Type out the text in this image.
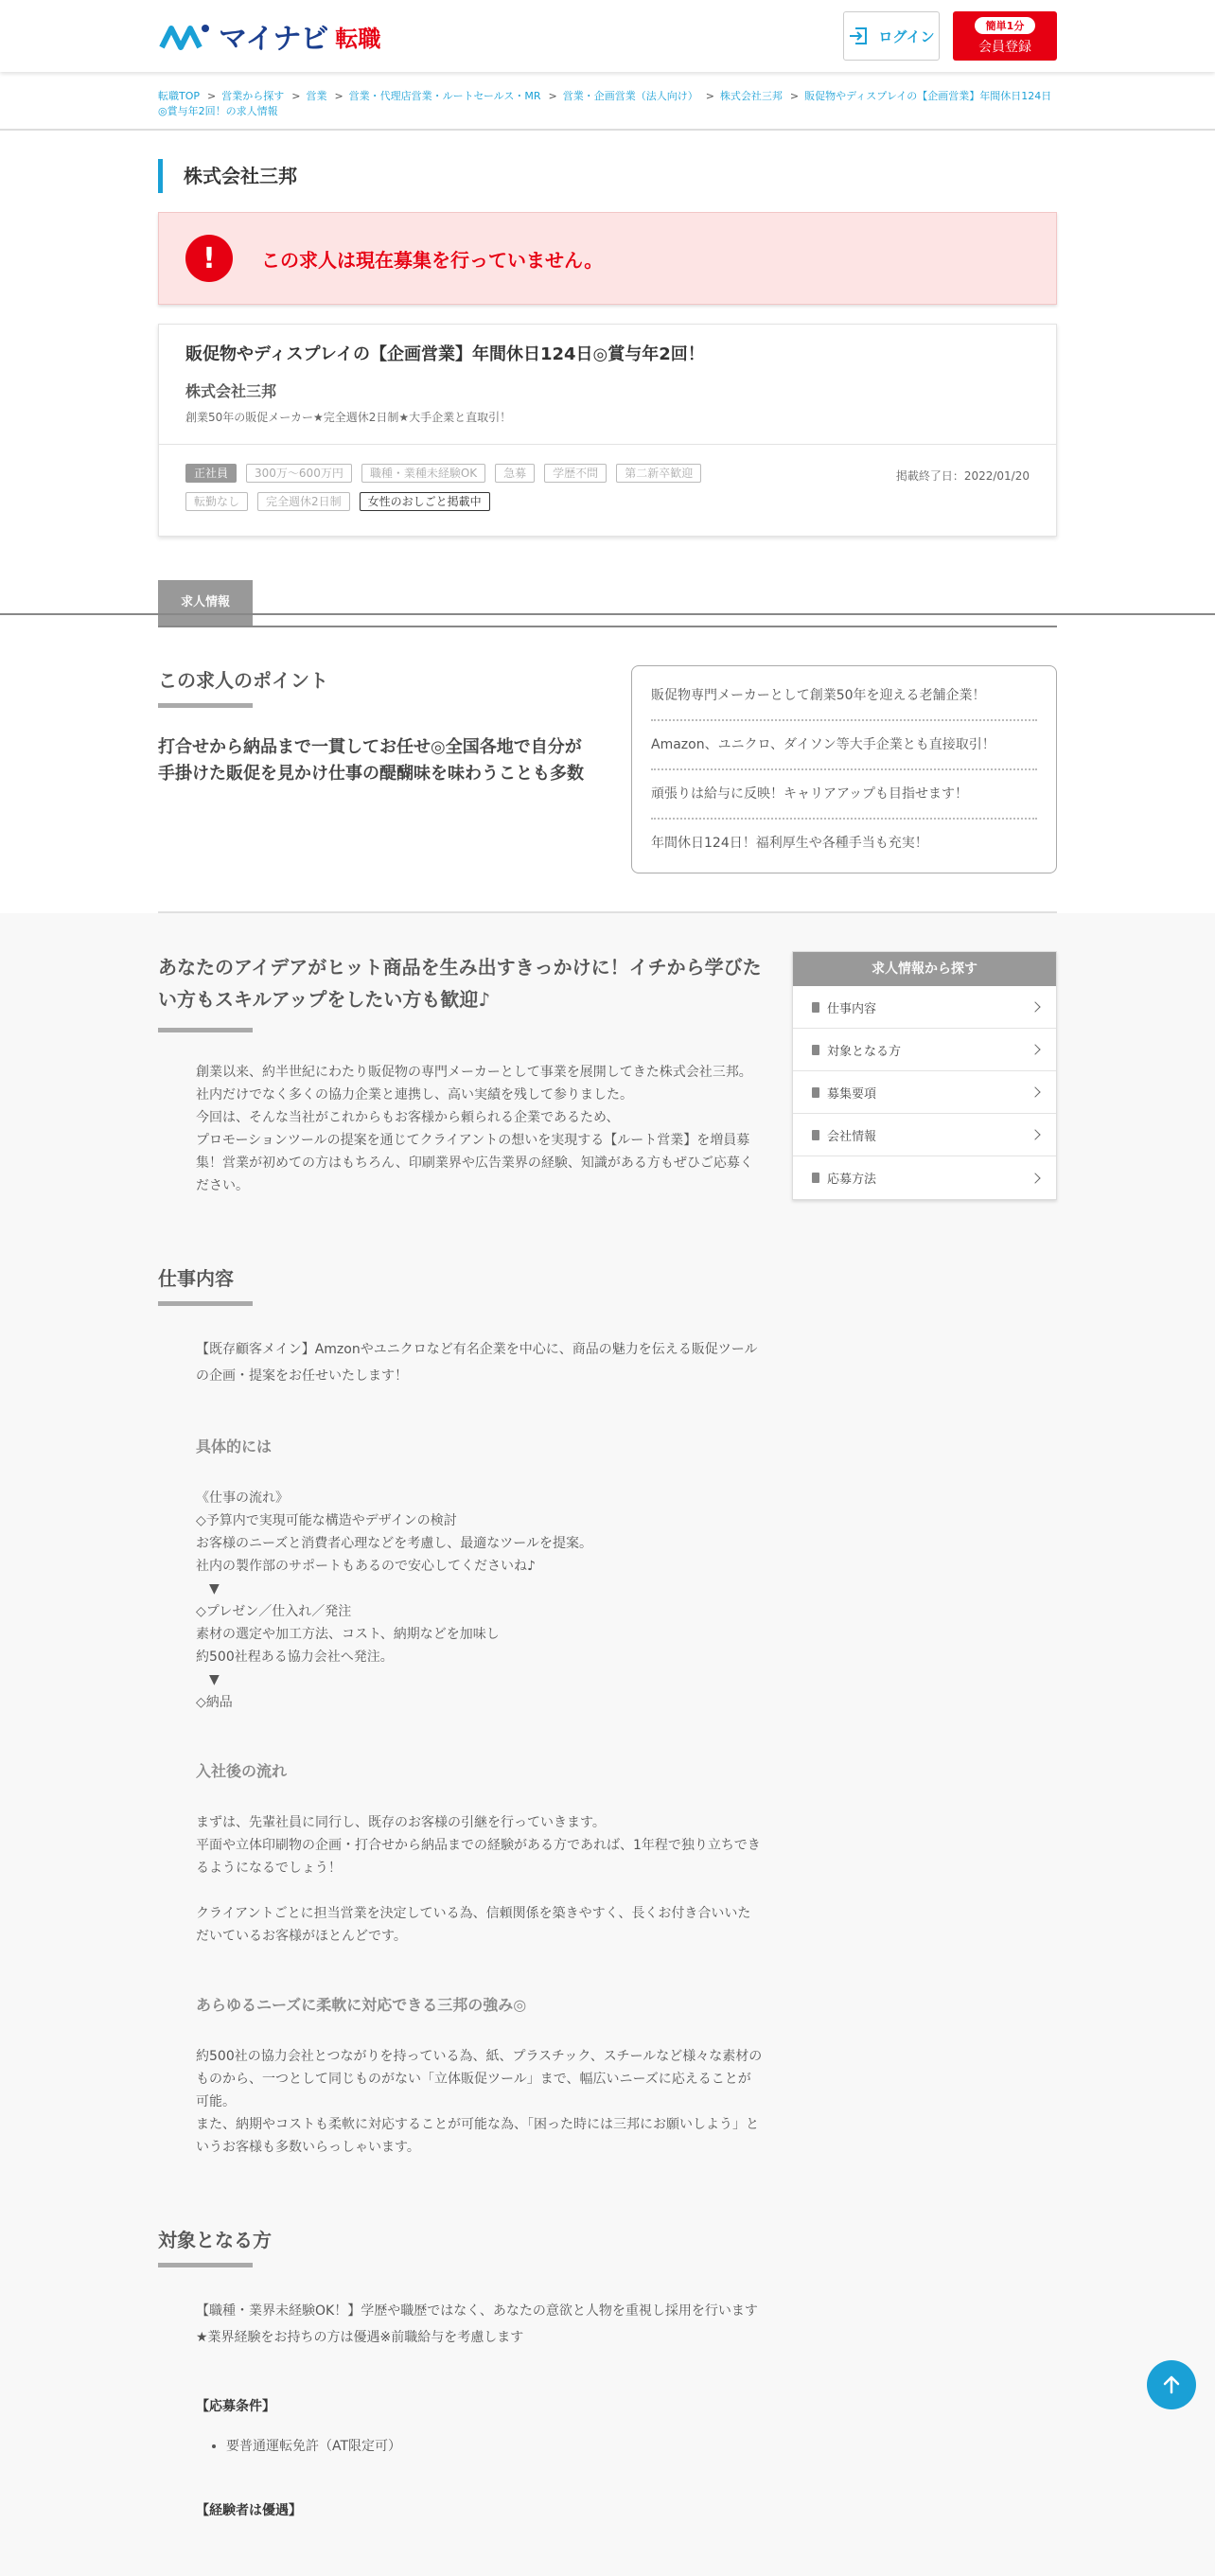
マイナビ 転職	ログイン
簡単1分
会員登録
転職TOP > 営業から探す > 営業 > 営業・代理店営業・ルートセールス・MR > 営業・企画営業（法人向け） > 株式会社三邦 > 販促物やディスプレイの【企画営業】年間休日124日◎賞与年2回！の求人情報
株式会社三邦
!	この求人は現在募集を行っていません。
販促物やディスプレイの【企画営業】年間休日124日◎賞与年2回！
株式会社三邦
創業50年の販促メーカー★完全週休2日制★大手企業と直取引！
正社員	300万～600万円	職種・業種未経験OK	急募	学歴不問	第二新卒歓迎
転勤なし	完全週休2日制	女性のおしごと掲載中
掲載終了日：2022/01/20
求人情報
この求人のポイント

打合せから納品まで一貫してお任せ◎全国各地で自分が手掛けた販促を見かけ仕事の醍醐味を味わうことも多数

販促物専門メーカーとして創業50年を迎える老舗企業！
Amazon、ユニクロ、ダイソン等大手企業とも直接取引！
頑張りは給与に反映！キャリアアップも目指せます！
年間休日124日！福利厚生や各種手当も充実！
あなたのアイデアがヒット商品を生み出すきっかけに！イチから学びたい方もスキルアップをしたい方も歓迎♪

創業以来、約半世紀にわたり販促物の専門メーカーとして事業を展開してきた株式会社三邦。
社内だけでなく多くの協力企業と連携し、高い実績を残して参りました。
今回は、そんな当社がこれからもお客様から頼られる企業であるため、
プロモーションツールの提案を通じてクライアントの想いを実現する【ルート営業】を増員募集！営業が初めての方はもちろん、印刷業界や広告業界の経験、知識がある方もぜひご応募ください。

仕事内容

【既存顧客メイン】Amzonやユニクロなど有名企業を中心に、商品の魅力を伝える販促ツールの企画・提案をお任せいたします！

具体的には

《仕事の流れ》
◇予算内で実現可能な構造やデザインの検討
お客様のニーズと消費者心理などを考慮し、最適なツールを提案。
社内の製作部のサポートもあるので安心してくださいね♪
　▼
◇プレゼン／仕入れ／発注
素材の選定や加工方法、コスト、納期などを加味し
約500社程ある協力会社へ発注。
　▼
◇納品

入社後の流れ

まずは、先輩社員に同行し、既存のお客様の引継を行っていきます。
平面や立体印刷物の企画・打合せから納品までの経験がある方であれば、1年程で独り立ちできるようになるでしょう！

クライアントごとに担当営業を決定している為、信頼関係を築きやすく、長くお付き合いいただいているお客様がほとんどです。

あらゆるニーズに柔軟に対応できる三邦の強み◎

約500社の協力会社とつながりを持っている為、紙、プラスチック、スチールなど様々な素材のものから、一つとして同じものがない「立体販促ツール」まで、幅広いニーズに応えることが可能。
また、納期やコストも柔軟に対応することが可能な為、「困った時には三邦にお願いしよう」というお客様も多数いらっしゃいます。

対象となる方

【職種・業界未経験OK！】学歴や職歴ではなく、あなたの意欲と人物を重視し採用を行います
★業界経験をお持ちの方は優遇※前職給与を考慮します

【応募条件】
• 要普通運転免許（AT限定可）
【経験者は優遇】
求人情報から探す
仕事内容
対象となる方
募集要項
会社情報
応募方法
